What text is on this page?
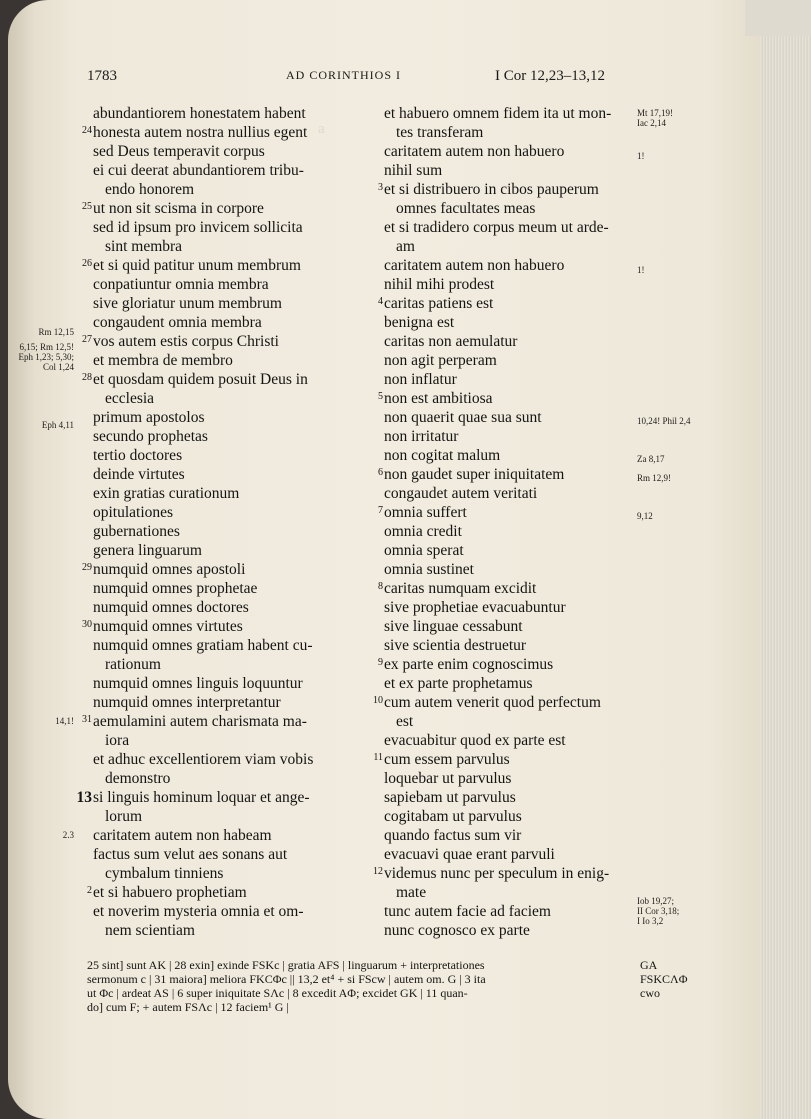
a
1783	AD CORINTHIOS I	I Cor 12,23–13,12
abundantiorem honestatem habent
24 honesta autem nostra nullius egent
sed Deus temperavit corpus
ei cui deerat abundantiorem tribu-
endo honorem
25 ut non sit scisma in corpore
sed id ipsum pro invicem sollicita
sint membra
26 et si quid patitur unum membrum
conpatiuntur omnia membra
sive gloriatur unum membrum
congaudent omnia membra
27 vos autem estis corpus Christi
et membra de membro
28 et quosdam quidem posuit Deus in
ecclesia
primum apostolos
secundo prophetas
tertio doctores
deinde virtutes
exin gratias curationum
opitulationes
gubernationes
genera linguarum
29 numquid omnes apostoli
numquid omnes prophetae
numquid omnes doctores
30 numquid omnes virtutes
numquid omnes gratiam habent cu-
rationum
numquid omnes linguis loquuntur
numquid omnes interpretantur
31 aemulamini autem charismata ma-
iora
et adhuc excellentiorem viam vobis
demonstro
13 si linguis hominum loquar et ange-
lorum
caritatem autem non habeam
factus sum velut aes sonans aut
cymbalum tinniens
2 et si habuero prophetiam
et noverim mysteria omnia et om-
nem scientiam
et habuero omnem fidem ita ut mon-
tes transferam
caritatem autem non habuero
nihil sum
3 et si distribuero in cibos pauperum
omnes facultates meas
et si tradidero corpus meum ut arde-
am
caritatem autem non habuero
nihil mihi prodest
4 caritas patiens est
benigna est
caritas non aemulatur
non agit perperam
non inflatur
5 non est ambitiosa
non quaerit quae sua sunt
non irritatur
non cogitat malum
6 non gaudet super iniquitatem
congaudet autem veritati
7 omnia suffert
omnia credit
omnia sperat
omnia sustinet
8 caritas numquam excidit
sive prophetiae evacuabuntur
sive linguae cessabunt
sive scientia destruetur
9 ex parte enim cognoscimus
et ex parte prophetamus
10 cum autem venerit quod perfectum
est
evacuabitur quod ex parte est
11 cum essem parvulus
loquebar ut parvulus
sapiebam ut parvulus
cogitabam ut parvulus
quando factus sum vir
evacuavi quae erant parvuli
12 videmus nunc per speculum in enig-
mate
tunc autem facie ad faciem
nunc cognosco ex parte
Rm 12,15
6,15; Rm 12,5!
Eph 1,23; 5,30;
Col 1,24
Eph 4,11
14,1!
2.3
Mt 17,19!
Iac 2,14
1!
1!
10,24! Phil 2,4
Za 8,17
Rm 12,9!
9,12
Iob 19,27;
II Cor 3,18;
I Io 3,2
25 sint] sunt AK | 28 exin] exinde FSKc | gratia AFS | linguarum + interpretationes
sermonum c | 31 maiora] meliora FKCΦc || 13,2 et⁴ + si FScw | autem om. G | 3 ita
ut Φc | ardeat AS | 6 super iniquitate SΛc | 8 excedit AΦ; excidet GK | 11 quan-
do] cum F; + autem FSΛc | 12 faciem¹ G |
GA
FSKCΛΦ
cwo
